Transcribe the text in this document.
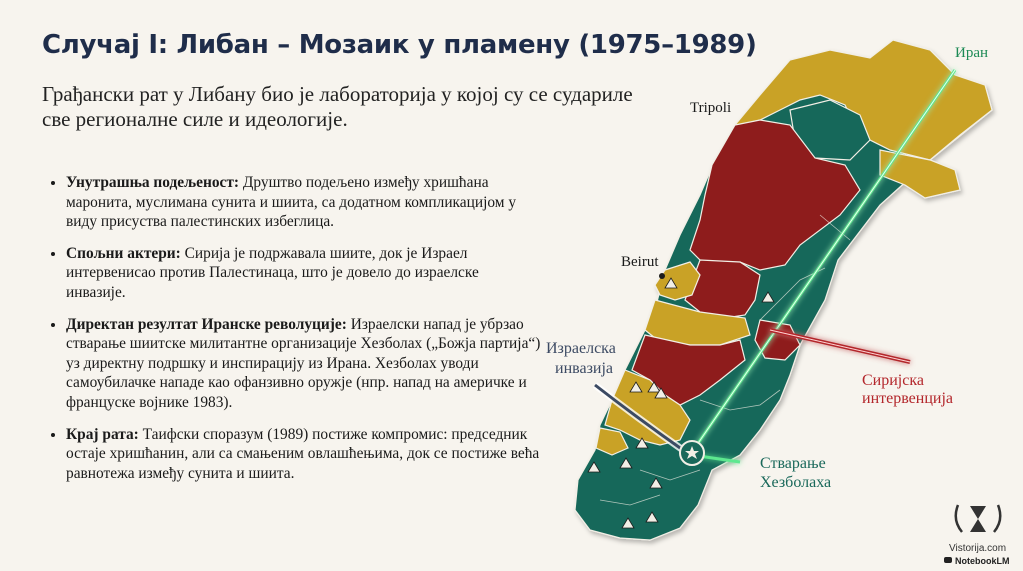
Случај I: Либан – Мозаик у пламену (1975–1989)
Грађански рат у Либану био је лабораторија у којој су се судариле све регионалне силе и идеологије.
• Унутрашња подељеност: Друштво подељено између хришћана маронита, муслимана сунита и шиита, са додатном компликацијом у виду присуства палестинских избеглица.
• Спољни актери: Сирија је подржавала шиите, док је Израел интервенисао против Палестинаца, што је довело до израелске инвазије.
• Директан резултат Иранске револуције: Израелски напад је убрзао стварање шиитске милитантне организације Хезболах („Божја партија“) уз директну подршку и инспирацију из Ирана. Хезболах уводи самоубилачке нападе као офанзивно оружје (нпр. напад на америчке и француске војнике 1983).
• Крај рата: Таифски споразум (1989) постиже компромис: председник остаје хришћанин, али са смањеним овлашћењима, док се постиже већа равнотежа између сунита и шиита.
Tripoli
Beirut
Иран
Израелска
инвазија
Сиријска
интервенција
Стварање
Хезболаха
Vistorija.com
NotebookLM
